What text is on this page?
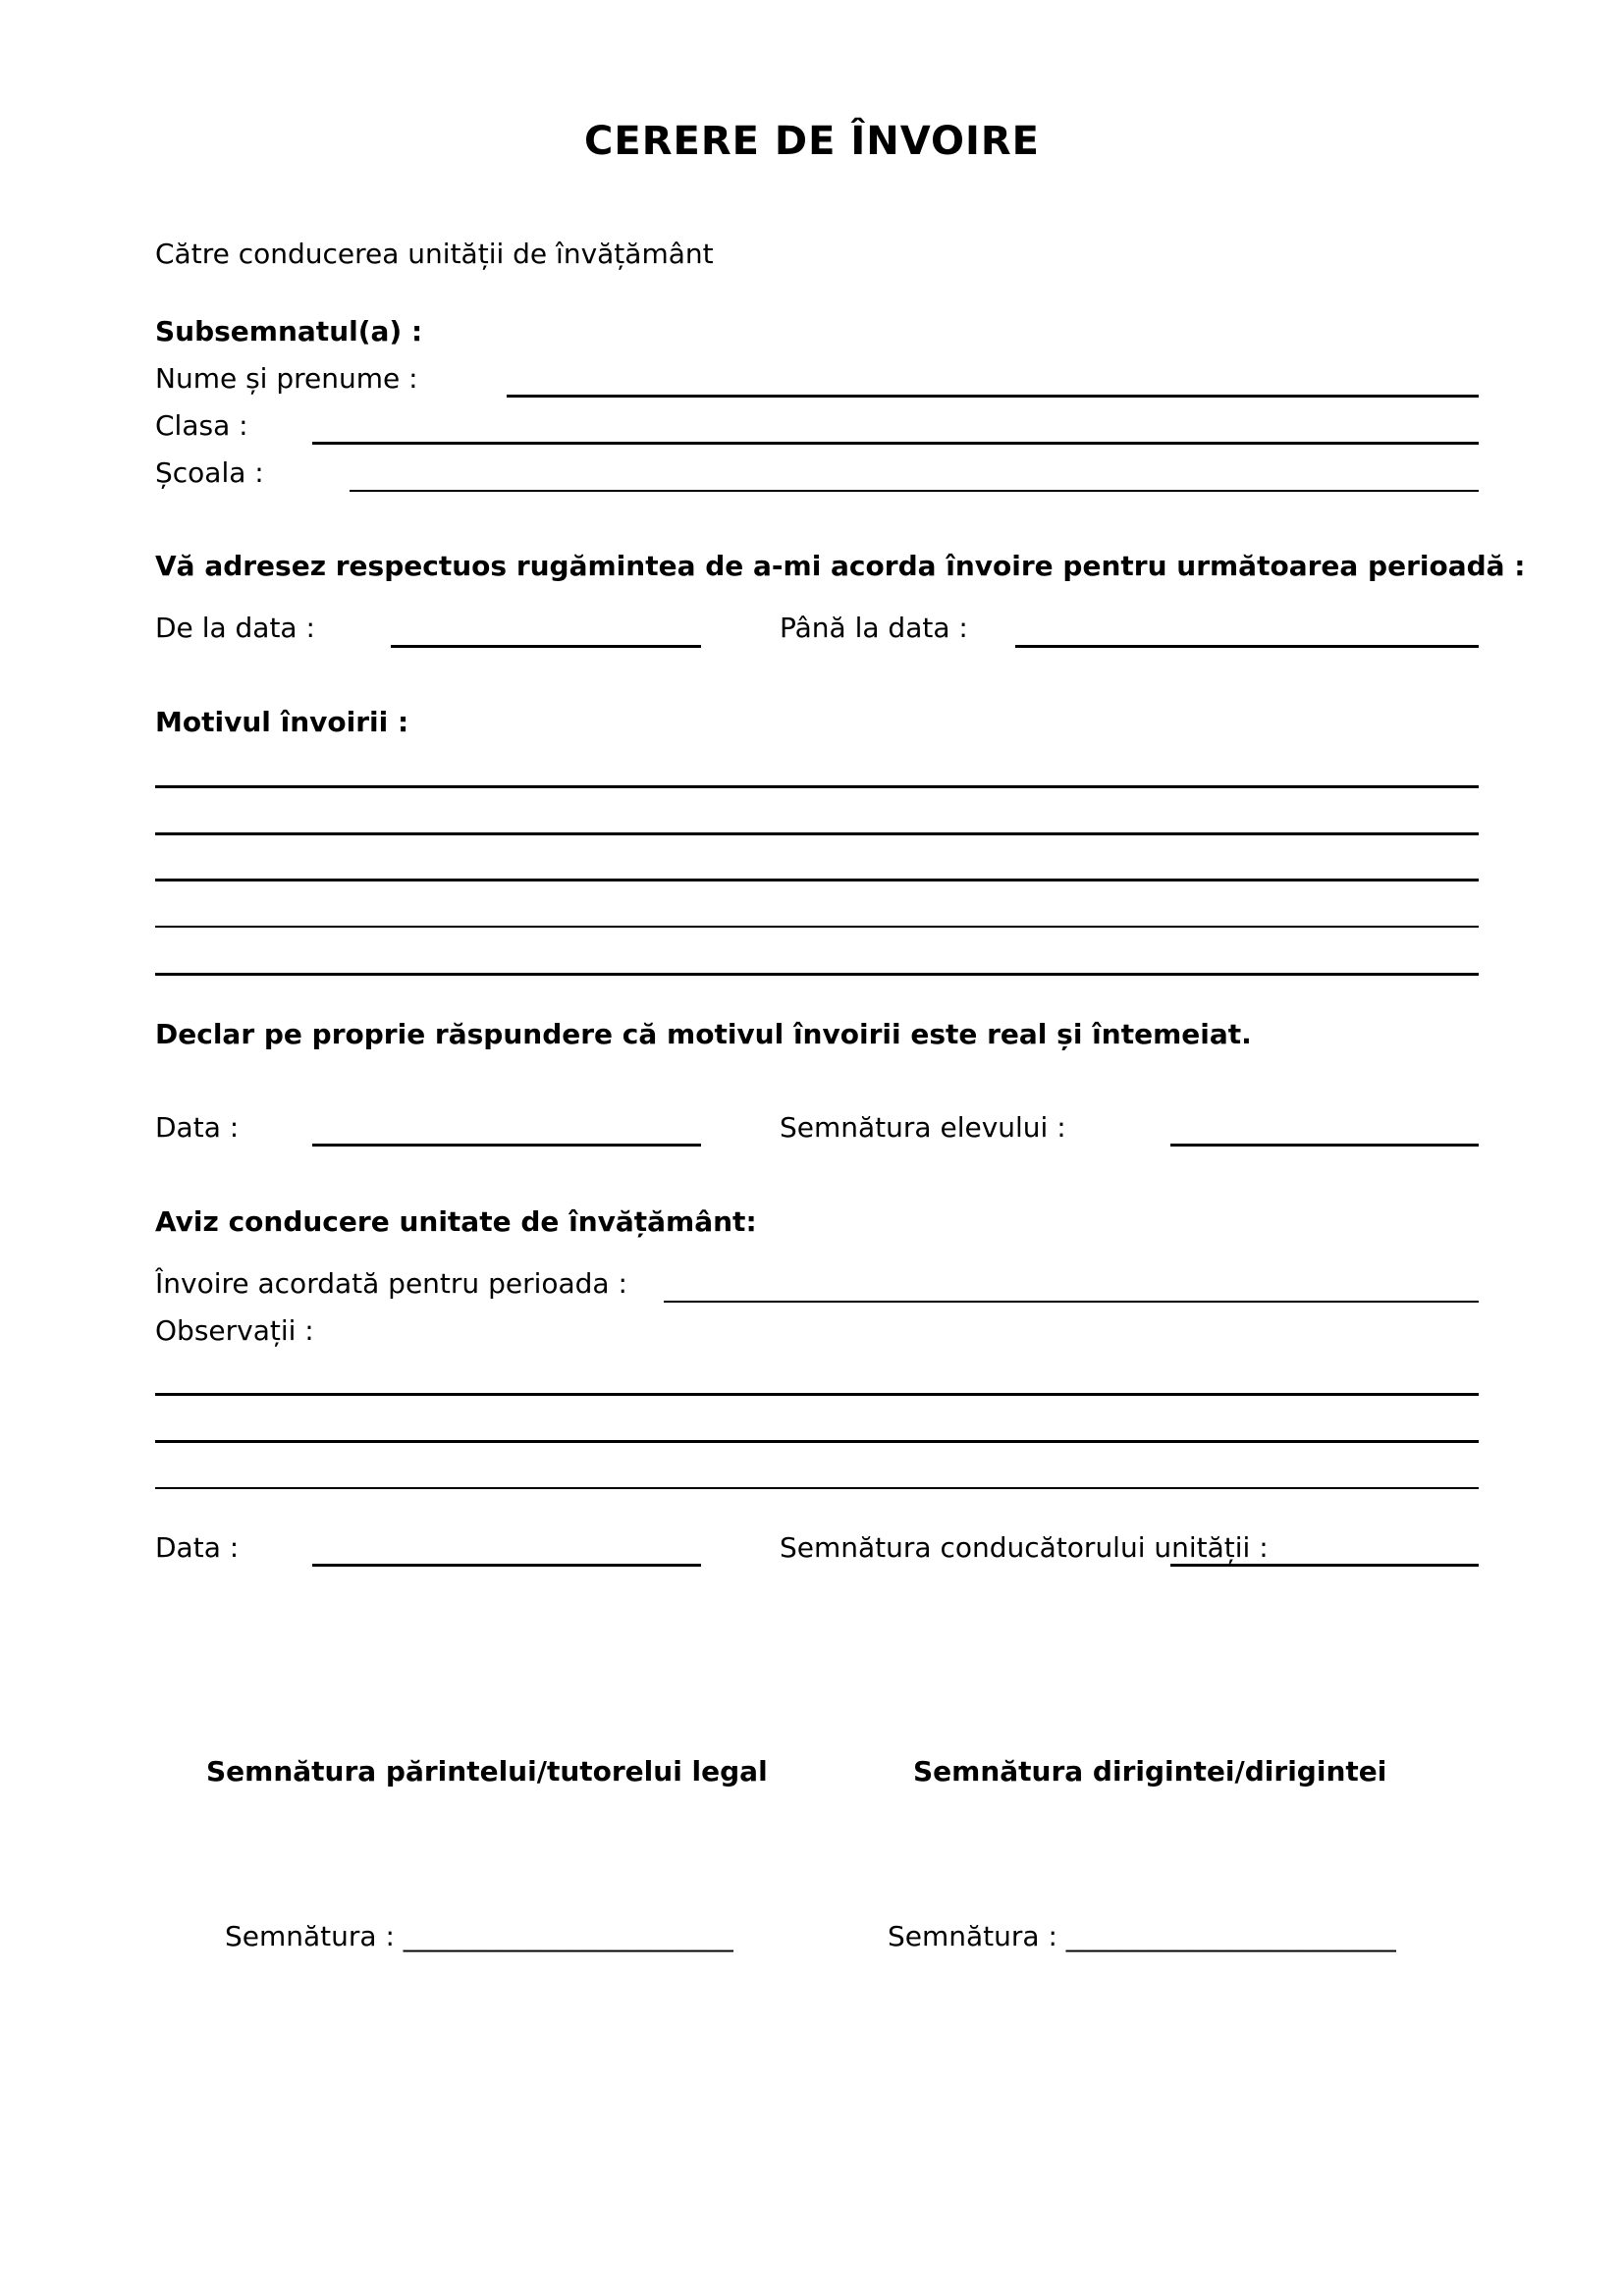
CERERE DE ÎNVOIRE
Către conducerea unității de învățământ
Subsemnatul(a) :
Nume și prenume :
Clasa :
Școala :
Vă adresez respectuos rugămintea de a-mi acorda învoire pentru următoarea perioadă :
De la data :	Până la data :
Motivul învoirii :
Declar pe proprie răspundere că motivul învoirii este real și întemeiat.
Data :	Semnătura elevului :
Aviz conducere unitate de învățământ:
Învoire acordată pentru perioada :
Observații :
Data :	Semnătura conducătorului unității :
Semnătura părintelui/tutorelui legal	Semnătura dirigintei/dirigintei
Semnătura : ________________________	Semnătura : ________________________
